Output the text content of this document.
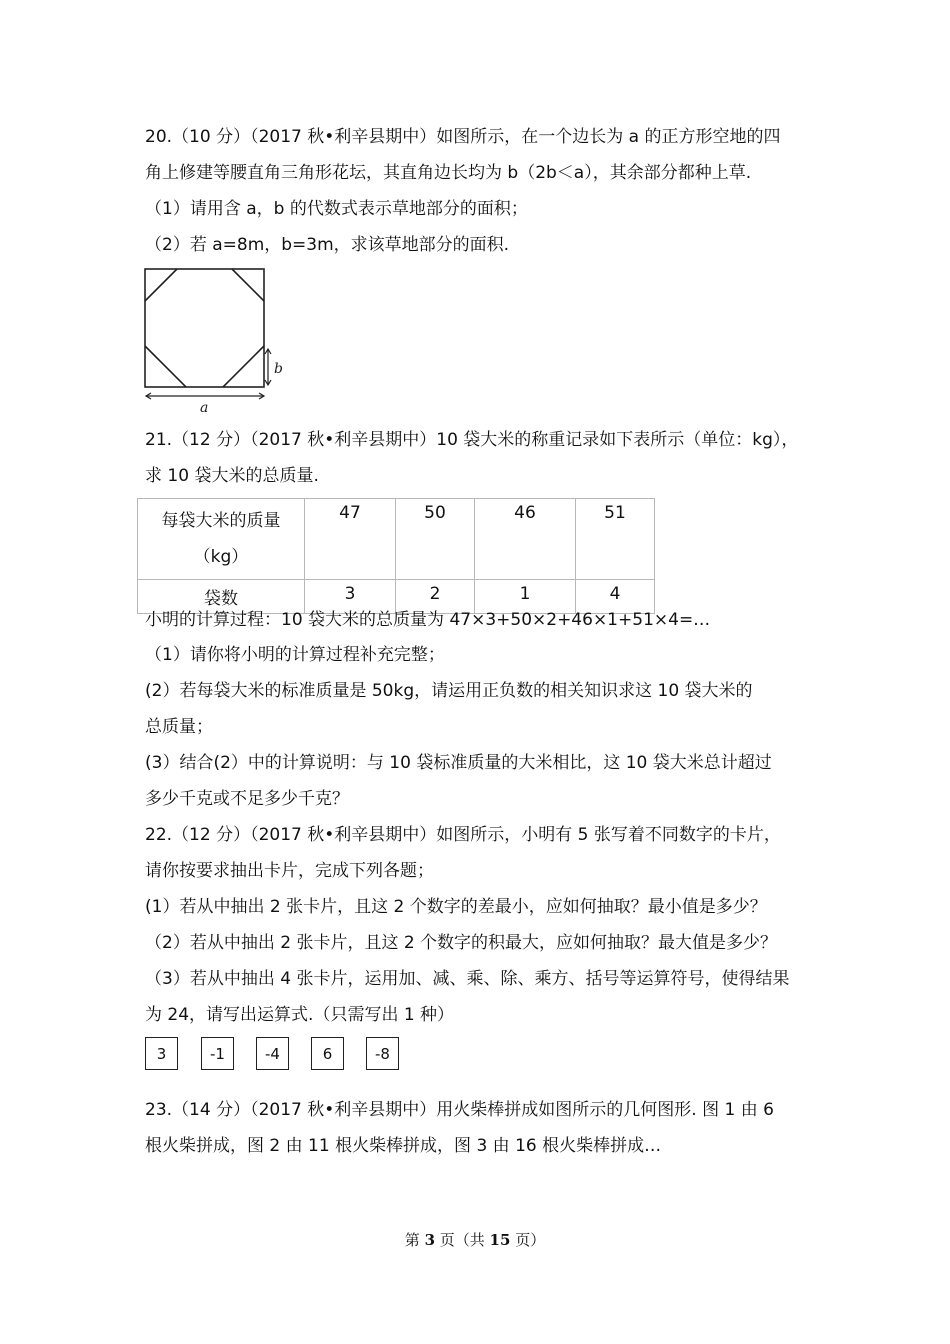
20.（10 分）（2017 秋•利辛县期中）如图所示，在一个边长为 a 的正方形空地的四
角上修建等腰直角三角形花坛，其直角边长均为 b（2b＜a），其余部分都种上草.
（1）请用含 a，b 的代数式表示草地部分的面积；
（2）若 a=8m，b=3m，求该草地部分的面积.
b
a
21.（12 分）（2017 秋•利辛县期中）10 袋大米的称重记录如下表所示（单位：kg），
求 10 袋大米的总质量.
每袋大米的质量
（kg）	47	50	46	51
袋数	3	2	1	4
小明的计算过程：10 袋大米的总质量为 47×3+50×2+46×1+51×4=…
（1）请你将小明的计算过程补充完整；
(2）若每袋大米的标准质量是 50kg，请运用正负数的相关知识求这 10 袋大米的
总质量；
(3）结合(2）中的计算说明：与 10 袋标准质量的大米相比，这 10 袋大米总计超过
多少千克或不足多少千克？
22.（12 分）（2017 秋•利辛县期中）如图所示，小明有 5 张写着不同数字的卡片，
请你按要求抽出卡片，完成下列各题；
(1）若从中抽出 2 张卡片，且这 2 个数字的差最小，应如何抽取？最小值是多少？
（2）若从中抽出 2 张卡片，且这 2 个数字的积最大，应如何抽取？最大值是多少？
（3）若从中抽出 4 张卡片，运用加、减、乘、除、乘方、括号等运算符号，使得结果
为 24，请写出运算式.（只需写出 1 种）
3	-1	-4	6	-8
23.（14 分）（2017 秋•利辛县期中）用火柴棒拼成如图所示的几何图形. 图 1 由 6
根火柴拼成，图 2 由 11 根火柴棒拼成，图 3 由 16 根火柴棒拼成…
第 3 页（共 15 页）
